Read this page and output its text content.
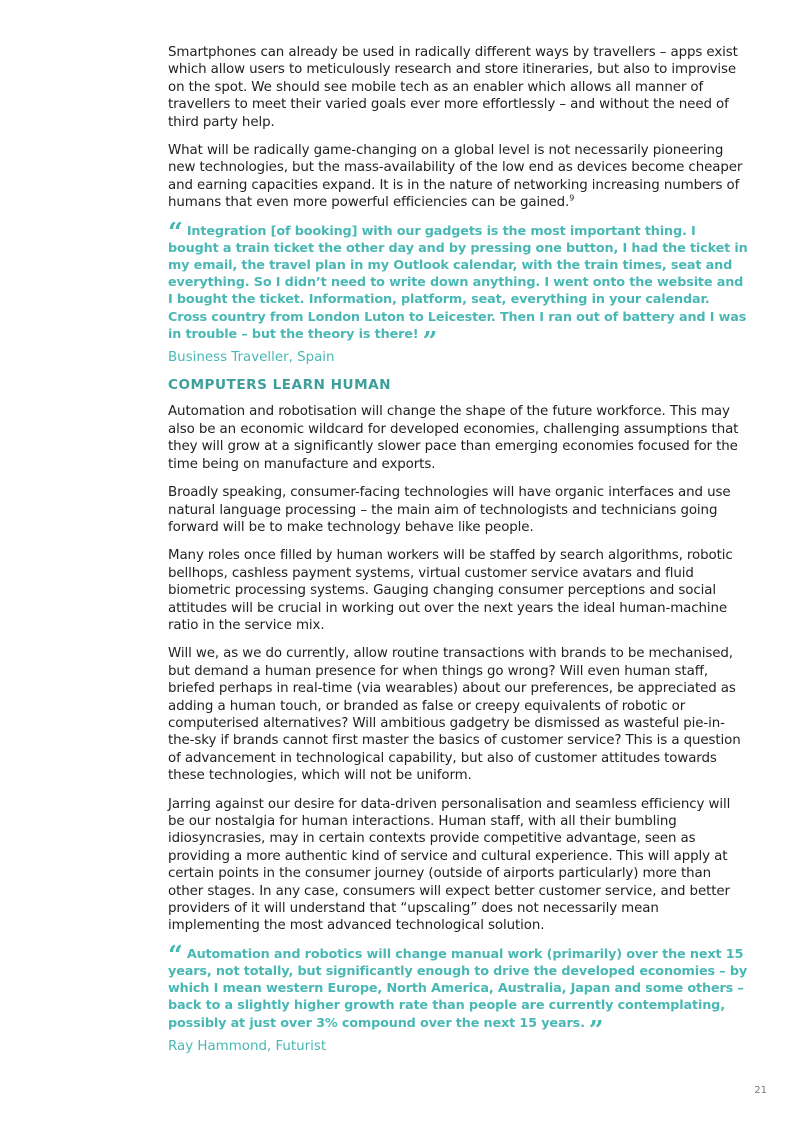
Smartphones can already be used in radically different ways by travellers – apps exist which allow users to meticulously research and store itineraries, but also to improvise on the spot. We should see mobile tech as an enabler which allows all manner of travellers to meet their varied goals ever more effortlessly – and without the need of third party help.

What will be radically game-changing on a global level is not necessarily pioneering new technologies, but the mass-availability of the low end as devices become cheaper and earning capacities expand. It is in the nature of networking increasing numbers of humans that even more powerful efficiencies can be gained.$^9$

“ Integration [of booking] with our gadgets is the most important thing. I bought a train ticket the other day and by pressing one button, I had the ticket in my email, the travel plan in my Outlook calendar, with the train times, seat and everything. So I didn’t need to write down anything. I went onto the website and I bought the ticket. Information, platform, seat, everything in your calendar. Cross country from London Luton to Leicester. Then I ran out of battery and I was in trouble – but the theory is there! ”

Business Traveller, Spain

COMPUTERS LEARN HUMAN

Automation and robotisation will change the shape of the future workforce. This may also be an economic wildcard for developed economies, challenging assumptions that they will grow at a significantly slower pace than emerging economies focused for the time being on manufacture and exports.

Broadly speaking, consumer-facing technologies will have organic interfaces and use natural language processing – the main aim of technologists and technicians going forward will be to make technology behave like people.

Many roles once filled by human workers will be staffed by search algorithms, robotic bellhops, cashless payment systems, virtual customer service avatars and fluid biometric processing systems. Gauging changing consumer perceptions and social attitudes will be crucial in working out over the next years the ideal human-machine ratio in the service mix.

Will we, as we do currently, allow routine transactions with brands to be mechanised, but demand a human presence for when things go wrong? Will even human staff, briefed perhaps in real-time (via wearables) about our preferences, be appreciated as adding a human touch, or branded as false or creepy equivalents of robotic or computerised alternatives? Will ambitious gadgetry be dismissed as wasteful pie-in-the-sky if brands cannot first master the basics of customer service? This is a question of advancement in technological capability, but also of customer attitudes towards these technologies, which will not be uniform.

Jarring against our desire for data-driven personalisation and seamless efficiency will be our nostalgia for human interactions. Human staff, with all their bumbling idiosyncrasies, may in certain contexts provide competitive advantage, seen as providing a more authentic kind of service and cultural experience. This will apply at certain points in the consumer journey (outside of airports particularly) more than other stages. In any case, consumers will expect better customer service, and better providers of it will understand that “upscaling” does not necessarily mean implementing the most advanced technological solution.

“ Automation and robotics will change manual work (primarily) over the next 15 years, not totally, but significantly enough to drive the developed economies – by which I mean western Europe, North America, Australia, Japan and some others – back to a slightly higher growth rate than people are currently contemplating, possibly at just over 3% compound over the next 15 years. ”

Ray Hammond, Futurist

21
